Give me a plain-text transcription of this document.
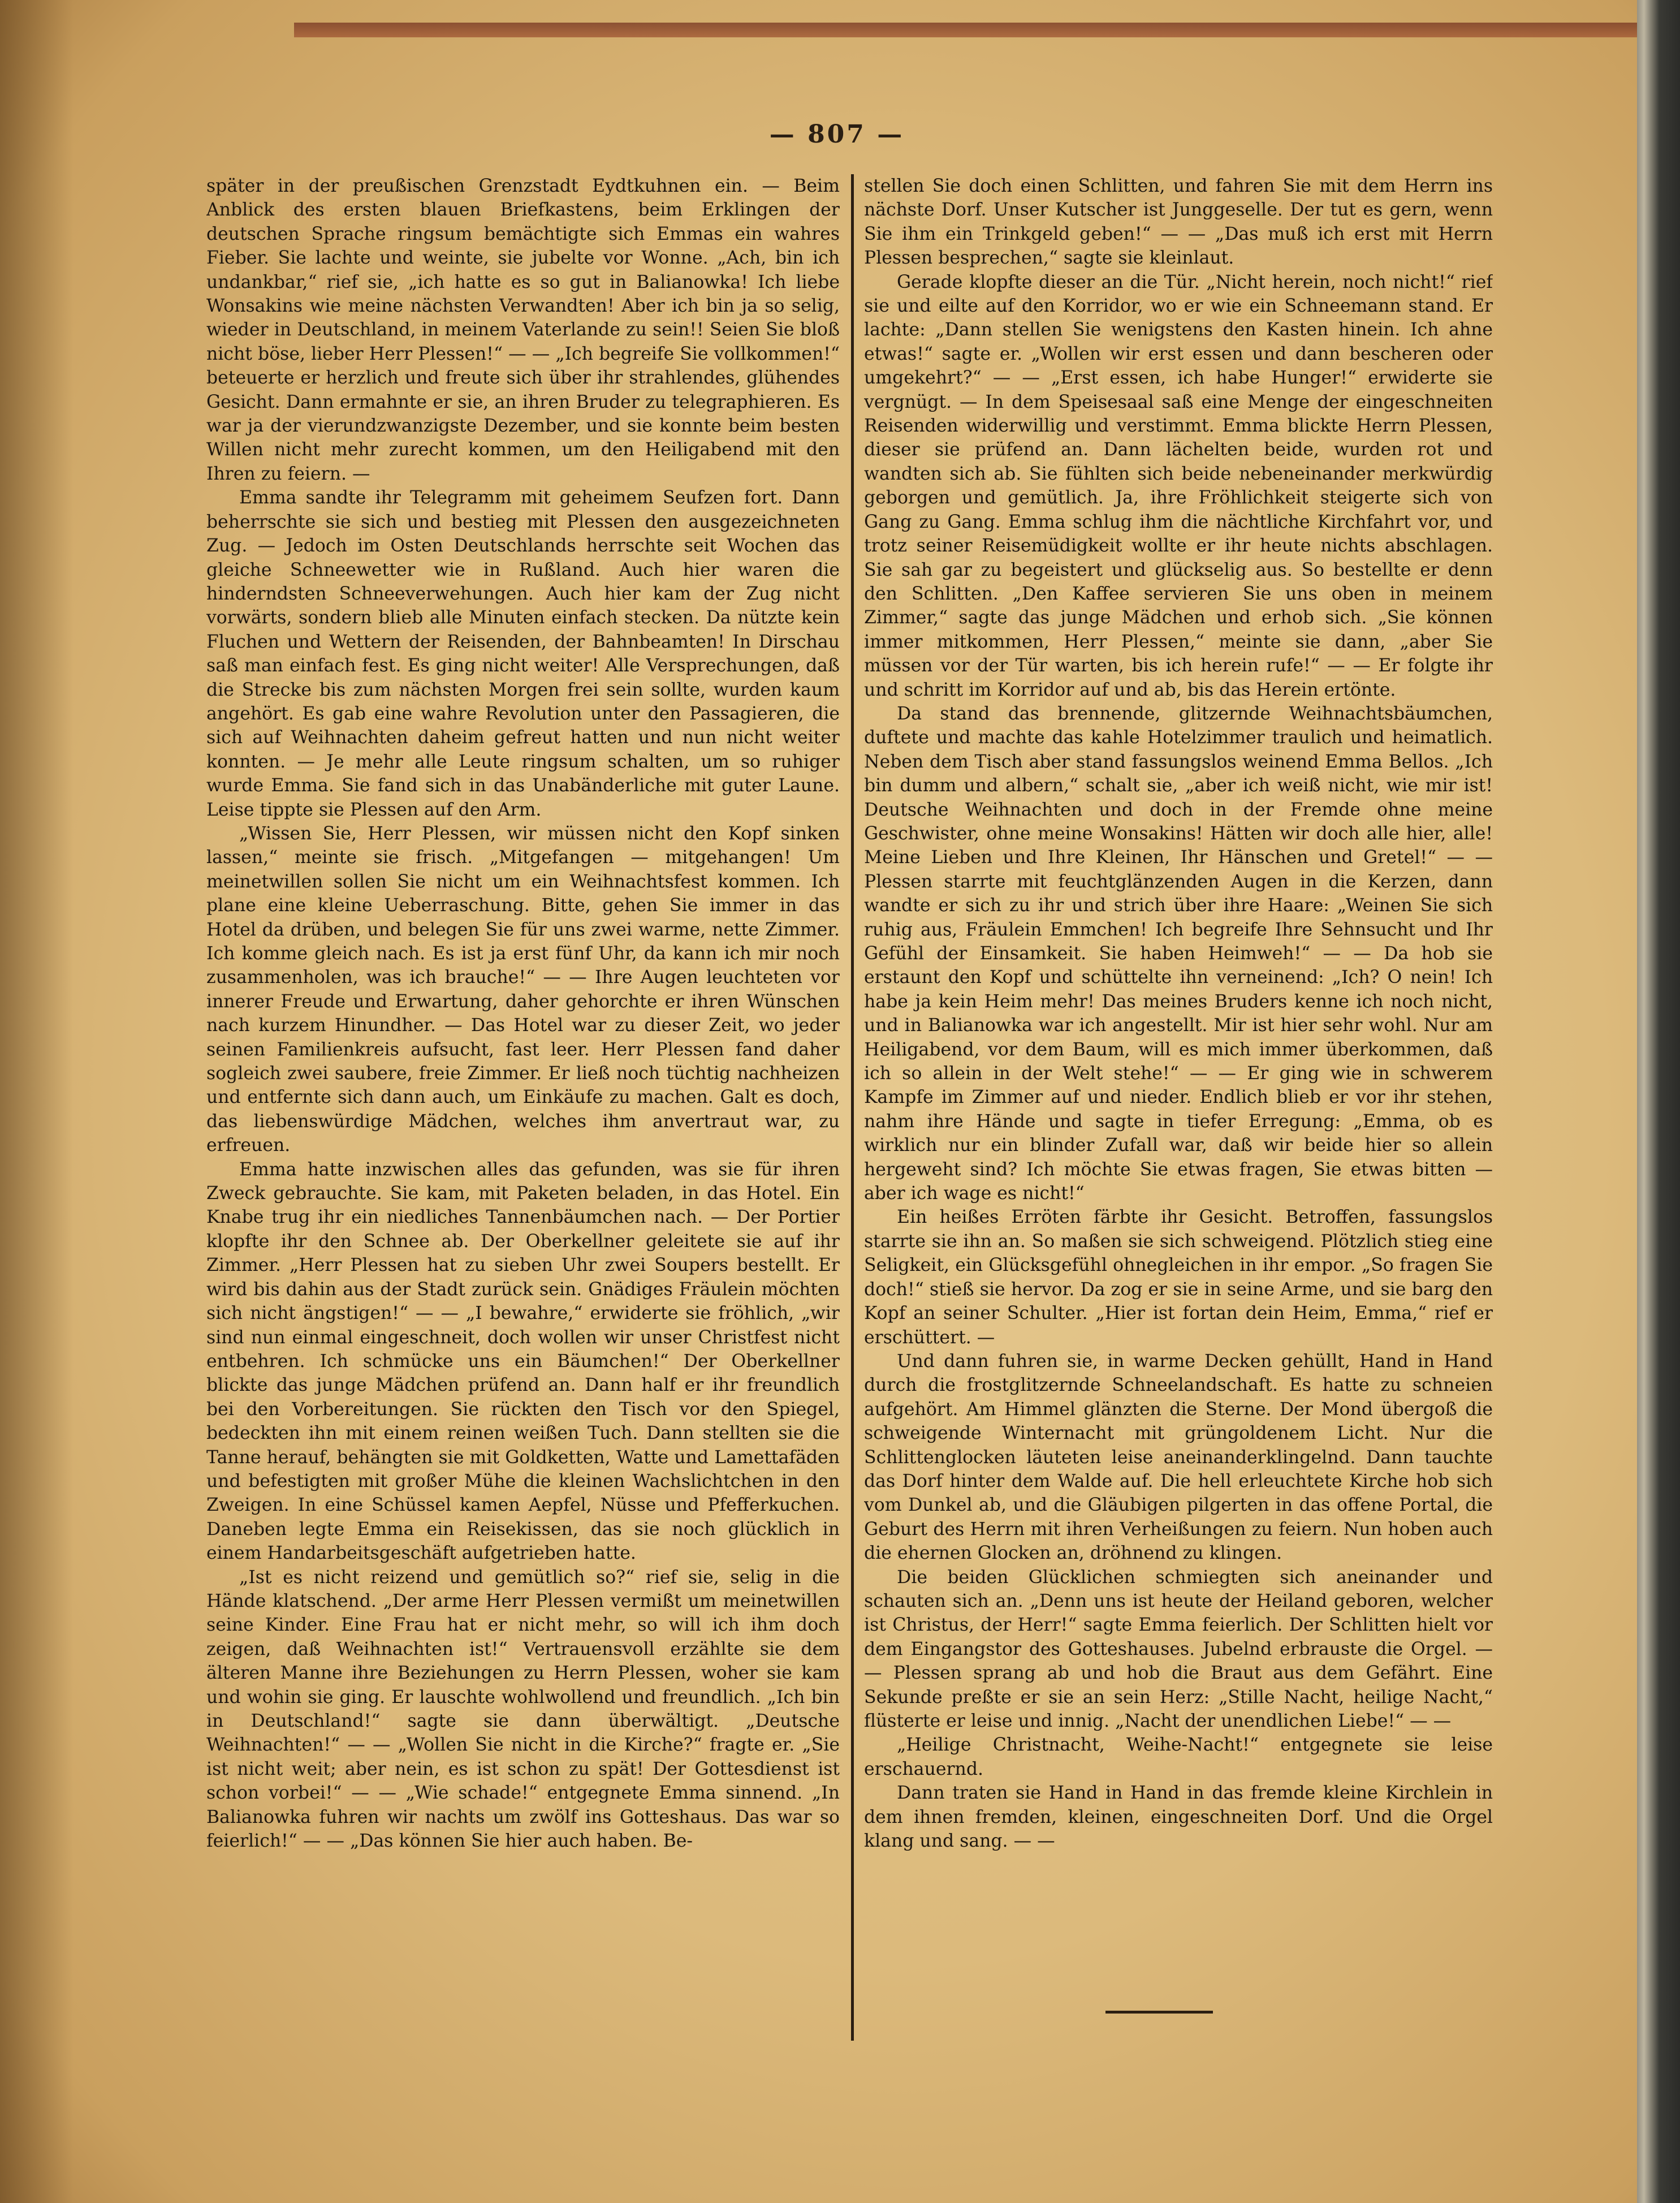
— 807 —

später in der preußischen Grenzstadt Eydtkuhnen ein. — Beim Anblick des ersten blauen Briefkastens, beim Erklingen der deutschen Sprache ringsum bemächtigte sich Emmas ein wahres Fieber. Sie lachte und weinte, sie jubelte vor Wonne. „Ach, bin ich undankbar,“ rief sie, „ich hatte es so gut in Balianowka! Ich liebe Wonsakins wie meine nächsten Verwandten! Aber ich bin ja so selig, wieder in Deutschland, in meinem Vaterlande zu sein!! Seien Sie bloß nicht böse, lieber Herr Plessen!“ — — „Ich begreife Sie vollkommen!“ beteuerte er herzlich und freute sich über ihr strahlendes, glühendes Gesicht. Dann ermahnte er sie, an ihren Bruder zu telegraphieren. Es war ja der vierundzwanzigste Dezember, und sie konnte beim besten Willen nicht mehr zurecht kommen, um den Heiligabend mit den Ihren zu feiern. —

Emma sandte ihr Telegramm mit geheimem Seufzen fort. Dann beherrschte sie sich und bestieg mit Plessen den ausgezeichneten Zug. — Jedoch im Osten Deutschlands herrschte seit Wochen das gleiche Schneewetter wie in Rußland. Auch hier waren die hinderndsten Schneeverwehungen. Auch hier kam der Zug nicht vorwärts, sondern blieb alle Minuten einfach stecken. Da nützte kein Fluchen und Wettern der Reisenden, der Bahnbeamten! In Dirschau saß man einfach fest. Es ging nicht weiter! Alle Versprechungen, daß die Strecke bis zum nächsten Morgen frei sein sollte, wurden kaum angehört. Es gab eine wahre Revolution unter den Passagieren, die sich auf Weihnachten daheim gefreut hatten und nun nicht weiter konnten. — Je mehr alle Leute ringsum schalten, um so ruhiger wurde Emma. Sie fand sich in das Unabänderliche mit guter Laune. Leise tippte sie Plessen auf den Arm.

„Wissen Sie, Herr Plessen, wir müssen nicht den Kopf sinken lassen,“ meinte sie frisch. „Mitgefangen — mitgehangen! Um meinetwillen sollen Sie nicht um ein Weihnachtsfest kommen. Ich plane eine kleine Ueberraschung. Bitte, gehen Sie immer in das Hotel da drüben, und belegen Sie für uns zwei warme, nette Zimmer. Ich komme gleich nach. Es ist ja erst fünf Uhr, da kann ich mir noch zusammenholen, was ich brauche!“ — — Ihre Augen leuchteten vor innerer Freude und Erwartung, daher gehorchte er ihren Wünschen nach kurzem Hinundher. — Das Hotel war zu dieser Zeit, wo jeder seinen Familienkreis aufsucht, fast leer. Herr Plessen fand daher sogleich zwei saubere, freie Zimmer. Er ließ noch tüchtig nachheizen und entfernte sich dann auch, um Einkäufe zu machen. Galt es doch, das liebenswürdige Mädchen, welches ihm anvertraut war, zu erfreuen.

Emma hatte inzwischen alles das gefunden, was sie für ihren Zweck gebrauchte. Sie kam, mit Paketen beladen, in das Hotel. Ein Knabe trug ihr ein niedliches Tannenbäumchen nach. — Der Portier klopfte ihr den Schnee ab. Der Oberkellner geleitete sie auf ihr Zimmer. „Herr Plessen hat zu sieben Uhr zwei Soupers bestellt. Er wird bis dahin aus der Stadt zurück sein. Gnädiges Fräulein möchten sich nicht ängstigen!“ — — „I bewahre,“ erwiderte sie fröhlich, „wir sind nun einmal eingeschneit, doch wollen wir unser Christfest nicht entbehren. Ich schmücke uns ein Bäumchen!“ Der Oberkellner blickte das junge Mädchen prüfend an. Dann half er ihr freundlich bei den Vorbereitungen. Sie rückten den Tisch vor den Spiegel, bedeckten ihn mit einem reinen weißen Tuch. Dann stellten sie die Tanne herauf, behängten sie mit Goldketten, Watte und Lamettafäden und befestigten mit großer Mühe die kleinen Wachslichtchen in den Zweigen. In eine Schüssel kamen Aepfel, Nüsse und Pfefferkuchen. Daneben legte Emma ein Reisekissen, das sie noch glücklich in einem Handarbeitsgeschäft aufgetrieben hatte.

„Ist es nicht reizend und gemütlich so?“ rief sie, selig in die Hände klatschend. „Der arme Herr Plessen vermißt um meinetwillen seine Kinder. Eine Frau hat er nicht mehr, so will ich ihm doch zeigen, daß Weihnachten ist!“ Vertrauensvoll erzählte sie dem älteren Manne ihre Beziehungen zu Herrn Plessen, woher sie kam und wohin sie ging. Er lauschte wohlwollend und freundlich. „Ich bin in Deutschland!“ sagte sie dann überwältigt. „Deutsche Weihnachten!“ — — „Wollen Sie nicht in die Kirche?“ fragte er. „Sie ist nicht weit; aber nein, es ist schon zu spät! Der Gottesdienst ist schon vorbei!“ — — „Wie schade!“ entgegnete Emma sinnend. „In Balianowka fuhren wir nachts um zwölf ins Gotteshaus. Das war so feierlich!“ — — „Das können Sie hier auch haben. Be-

stellen Sie doch einen Schlitten, und fahren Sie mit dem Herrn ins nächste Dorf. Unser Kutscher ist Junggeselle. Der tut es gern, wenn Sie ihm ein Trinkgeld geben!“ — — „Das muß ich erst mit Herrn Plessen besprechen,“ sagte sie kleinlaut.

Gerade klopfte dieser an die Tür. „Nicht herein, noch nicht!“ rief sie und eilte auf den Korridor, wo er wie ein Schneemann stand. Er lachte: „Dann stellen Sie wenigstens den Kasten hinein. Ich ahne etwas!“ sagte er. „Wollen wir erst essen und dann bescheren oder umgekehrt?“ — — „Erst essen, ich habe Hunger!“ erwiderte sie vergnügt. — In dem Speisesaal saß eine Menge der eingeschneiten Reisenden widerwillig und verstimmt. Emma blickte Herrn Plessen, dieser sie prüfend an. Dann lächelten beide, wurden rot und wandten sich ab. Sie fühlten sich beide nebeneinander merkwürdig geborgen und gemütlich. Ja, ihre Fröhlichkeit steigerte sich von Gang zu Gang. Emma schlug ihm die nächtliche Kirchfahrt vor, und trotz seiner Reisemüdigkeit wollte er ihr heute nichts abschlagen. Sie sah gar zu begeistert und glückselig aus. So bestellte er denn den Schlitten. „Den Kaffee servieren Sie uns oben in meinem Zimmer,“ sagte das junge Mädchen und erhob sich. „Sie können immer mitkommen, Herr Plessen,“ meinte sie dann, „aber Sie müssen vor der Tür warten, bis ich herein rufe!“ — — Er folgte ihr und schritt im Korridor auf und ab, bis das Herein ertönte.

Da stand das brennende, glitzernde Weihnachtsbäumchen, duftete und machte das kahle Hotelzimmer traulich und heimatlich. Neben dem Tisch aber stand fassungslos weinend Emma Bellos. „Ich bin dumm und albern,“ schalt sie, „aber ich weiß nicht, wie mir ist! Deutsche Weihnachten und doch in der Fremde ohne meine Geschwister, ohne meine Wonsakins! Hätten wir doch alle hier, alle! Meine Lieben und Ihre Kleinen, Ihr Hänschen und Gretel!“ — — Plessen starrte mit feuchtglänzenden Augen in die Kerzen, dann wandte er sich zu ihr und strich über ihre Haare: „Weinen Sie sich ruhig aus, Fräulein Emmchen! Ich begreife Ihre Sehnsucht und Ihr Gefühl der Einsamkeit. Sie haben Heimweh!“ — — Da hob sie erstaunt den Kopf und schüttelte ihn verneinend: „Ich? O nein! Ich habe ja kein Heim mehr! Das meines Bruders kenne ich noch nicht, und in Balianowka war ich angestellt. Mir ist hier sehr wohl. Nur am Heiligabend, vor dem Baum, will es mich immer überkommen, daß ich so allein in der Welt stehe!“ — — Er ging wie in schwerem Kampfe im Zimmer auf und nieder. Endlich blieb er vor ihr stehen, nahm ihre Hände und sagte in tiefer Erregung: „Emma, ob es wirklich nur ein blinder Zufall war, daß wir beide hier so allein hergeweht sind? Ich möchte Sie etwas fragen, Sie etwas bitten — aber ich wage es nicht!“

Ein heißes Erröten färbte ihr Gesicht. Betroffen, fassungslos starrte sie ihn an. So maßen sie sich schweigend. Plötzlich stieg eine Seligkeit, ein Glücksgefühl ohnegleichen in ihr empor. „So fragen Sie doch!“ stieß sie hervor. Da zog er sie in seine Arme, und sie barg den Kopf an seiner Schulter. „Hier ist fortan dein Heim, Emma,“ rief er erschüttert. —

Und dann fuhren sie, in warme Decken gehüllt, Hand in Hand durch die frostglitzernde Schneelandschaft. Es hatte zu schneien aufgehört. Am Himmel glänzten die Sterne. Der Mond übergoß die schweigende Winternacht mit grüngoldenem Licht. Nur die Schlittenglocken läuteten leise aneinanderklingelnd. Dann tauchte das Dorf hinter dem Walde auf. Die hell erleuchtete Kirche hob sich vom Dunkel ab, und die Gläubigen pilgerten in das offene Portal, die Geburt des Herrn mit ihren Verheißungen zu feiern. Nun hoben auch die ehernen Glocken an, dröhnend zu klingen.

Die beiden Glücklichen schmiegten sich aneinander und schauten sich an. „Denn uns ist heute der Heiland geboren, welcher ist Christus, der Herr!“ sagte Emma feierlich. Der Schlitten hielt vor dem Eingangstor des Gotteshauses. Jubelnd erbrauste die Orgel. — — Plessen sprang ab und hob die Braut aus dem Gefährt. Eine Sekunde preßte er sie an sein Herz: „Stille Nacht, heilige Nacht,“ flüsterte er leise und innig. „Nacht der unendlichen Liebe!“ — —

„Heilige Christnacht, Weihe-Nacht!“ entgegnete sie leise erschauernd.

Dann traten sie Hand in Hand in das fremde kleine Kirchlein in dem ihnen fremden, kleinen, eingeschneiten Dorf. Und die Orgel klang und sang. — —
